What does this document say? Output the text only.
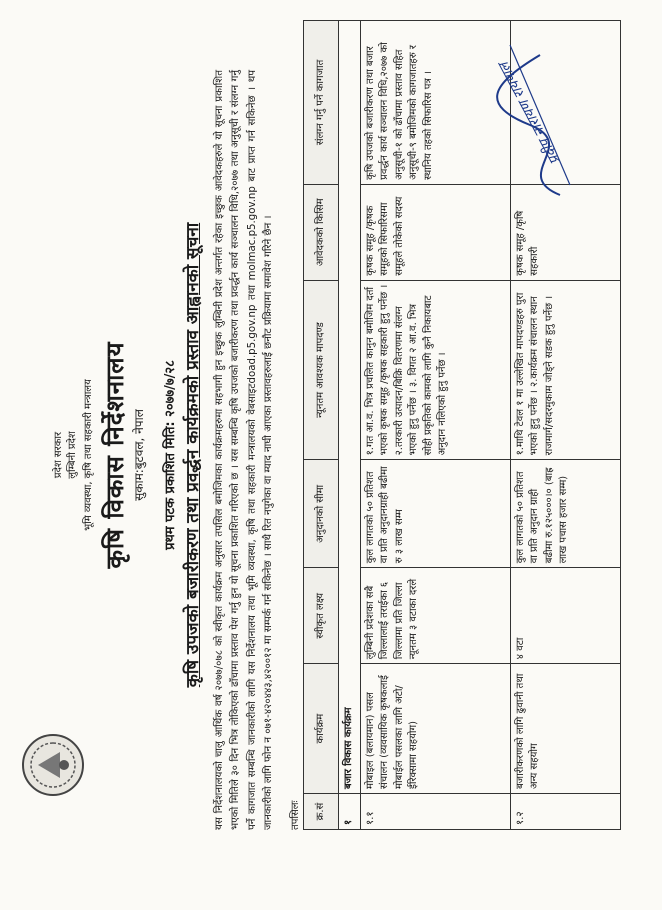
प्रदेश सरकार लुम्बिनी प्रदेश भूमि व्यवस्था, कृषि तथा सहकारी मन्त्रालय कृषि विकास निर्देशनालय सुकाम:बुटवल, नेपाल प्रथम पटक प्रकाशित मिति: २०७७/७/२८ कृषि उपजको बजारीकरण तथा प्रवर्द्धन कार्यक्रमको प्रस्ताव आह्वानको सूचना यस निर्देशनालयको चालु आर्थिक वर्ष २०७७/०७८ को स्वीकृत कार्यक्रम अनुसार तपसिल बमोजिमका कार्यक्रमहरुमा सहभागी हुन इच्छुक लुम्बिनी प्रदेश अन्तर्गत रहेका इच्छुक आवेदकहरुले यो सूचना प्रकाशित भएको मितिले ३० दिन भित्र तोकिएको ढाँचामा प्रस्ताव पेश गर्नु हुन यो सूचना प्रकाशित गरिएको छ । यस सम्बन्धि कृषि उपजको बजारीकरण तथा प्रवर्द्धन कार्य सञ्चालन विधि,२०७७ तथा अनुसूची र संलग्न गर्नु पर्ने कागजात सम्बन्धि जानकारीको लागि यस निर्देशनालय तथा भूमि व्यवस्था, कृषि तथा सहकारी मन्त्रालयको वेबसाइटdoad.p5.gov.np तथा molmac.p5.gov.np बाट प्राप्त गर्न सकिनेछ । थप जानकारीको लागि फोन न ०७१-४२०४४३,४२००१२ मा सम्पर्क गर्न सकिनेछ । साथै रित नपुगेका वा म्याद नाघी आएका प्रस्तावहरुलाई छनौट प्रक्रियामा समावेश गरिने छैन ।	तपसिलः क्र.सं	कार्यक्रम	स्वीकृत लक्ष्य	अनुदानको सीमा	न्यूनतम आवश्यक मापदण्ड	आवेदकको किसिम	संलग्न गर्नु पर्ने कागजात
१	बजार विकास कार्यक्रम					
१.१	मोबाइल (बलायमान) पसल संचालन (व्यवसायिक कृषकलाई मोबाईल पसलका लागि अटो/ईरिक्सामा सहयोग)	लुम्बिनी प्रदेशका सबै जिल्लालाई तराईका ६ जिल्लामा प्रति जिल्ला न्यूनतम ३ वटाका दरले	कुल लागतको ५० प्रतिशत वा प्रति अनुदानग्राही बढीमा रु ३ लाख सम्म	१.गत आ.व. भित्र प्रचलित कानुन बमोजिम दर्ता भएको कृषक समूह /कृषक सहकारी हुनु पर्नेछ । २.तरकारी उत्पादन/बिक्रि वितरणमा संलग्न भएको हुनु पर्नेछ । ३. विगत २ आ.व. भित्र सोही प्रकृतिको कामको लागि कुनै निकायबाट अनुदान नलिएको हुनु पर्नेछ ।	कृषक समूह /कृषक समूहको सिफारिसमा समूहले तोकेको सदस्य	कृषि उपजको बजारीकरण तथा बजार प्रवर्द्धन कार्य सञ्चालन विधि,२०७७ को अनुसूची-१ को ढाँचामा प्रस्ताव सहित अनुसूची-९ बमोजिमको कागजातहरु र स्थानिय तहको सिफारिस पत्र ।
१.२	बजारीकरणको लागि ढुवानी तथा अन्य सहयोग	४ वटा	कुल लागतको ५० प्रतिशत वा प्रति अनुदान ग्राही बढीमा रु.१२५०००।० (बाह्र लाख पचास हजार सम्म)	१.माथि टेवल १ मा उल्लेखित मापदण्डहरु पुरा भएको हुनु पर्नेछ । २.कार्यक्रम संचालन स्थान राजमार्ग/सदरमुकाम जोड्ने सडक हुनु पर्नेछ ।	कृषक समूह /कृषि सहकारी	
प्रदीप नारायण रायपाल
